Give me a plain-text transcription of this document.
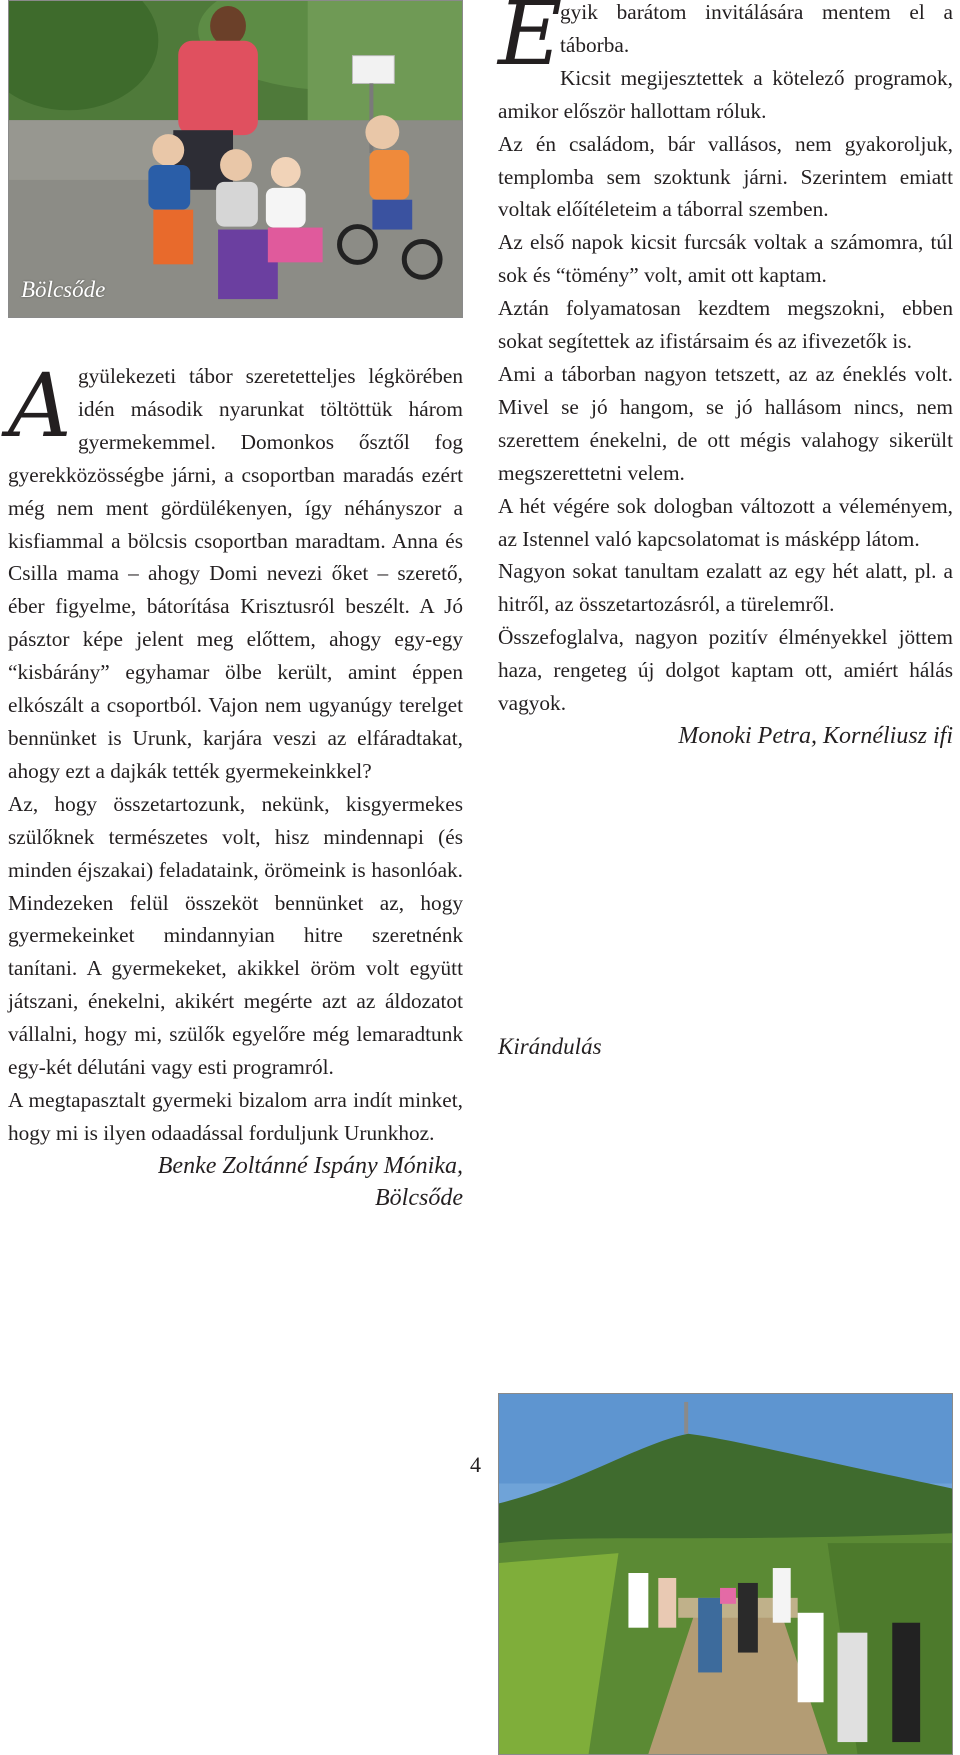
Bölcsőde

Agyülekezeti tábor szeretetteljes légkörében idén második nyarunkat töltöttük három gyermekemmel. Domonkos ősztől fog gyerekközösségbe járni, a csoportban maradás ezért még nem ment gördülékenyen, így néhányszor a kisfiammal a bölcsis csoportban maradtam. Anna és Csilla mama – ahogy Domi nevezi őket – szerető, éber figyelme, bátorítása Krisztusról beszélt. A Jó pásztor képe jelent meg előttem, ahogy egy-egy “kisbárány” egyhamar ölbe került, amint éppen elkószált a csoportból. Vajon nem ugyanúgy terelget bennünket is Urunk, karjára veszi az elfáradtakat, ahogy ezt a dajkák tették gyermekeinkkel?

Az, hogy összetartozunk, nekünk, kisgyermekes szülőknek természetes volt, hisz mindennapi (és minden éjszakai) feladataink, örömeink is hasonlóak. Mindezeken felül összeköt bennünket az, hogy gyermekeinket mindannyian hitre szeretnénk tanítani. A gyermekeket, akikkel öröm volt együtt játszani, énekelni, akikért megérte azt az áldozatot vállalni, hogy mi, szülők egyelőre még lemaradtunk egy-két délutáni vagy esti programról.

A megtapasztalt gyermeki bizalom arra indít minket, hogy mi is ilyen odaadással forduljunk Urunkhoz.

Benke Zoltánné Ispány Mónika,
Bölcsőde

E
gyik barátom invitálására mentem el a táborba.

Kicsit megijesztettek a kötelező programok, amikor először hallottam róluk.

Az én családom, bár vallásos, nem gyakoroljuk, templomba sem szoktunk járni. Szerintem emiatt voltak előítéleteim a táborral szemben.

Az első napok kicsit furcsák voltak a számomra, túl sok és “tömény” volt, amit ott kaptam.

Aztán folyamatosan kezdtem megszokni, ebben sokat segítettek az ifistársaim és az ifivezetők is.

Ami a táborban nagyon tetszett, az az éneklés volt. Mivel se jó hangom, se jó hallásom nincs, nem szerettem énekelni, de ott mégis valahogy sikerült megszerettetni velem.

A hét végére sok dologban változott a véleményem, az Istennel való kapcsolatomat is másképp látom.

Nagyon sokat tanultam ezalatt az egy hét alatt, pl. a hitről, az összetartozásról, a türelemről.

Összefoglalva, nagyon pozitív élményekkel jöttem haza, rengeteg új dolgot kaptam ott, amiért hálás vagyok.

Monoki Petra, Kornéliusz ifi
Kirándulás
4
